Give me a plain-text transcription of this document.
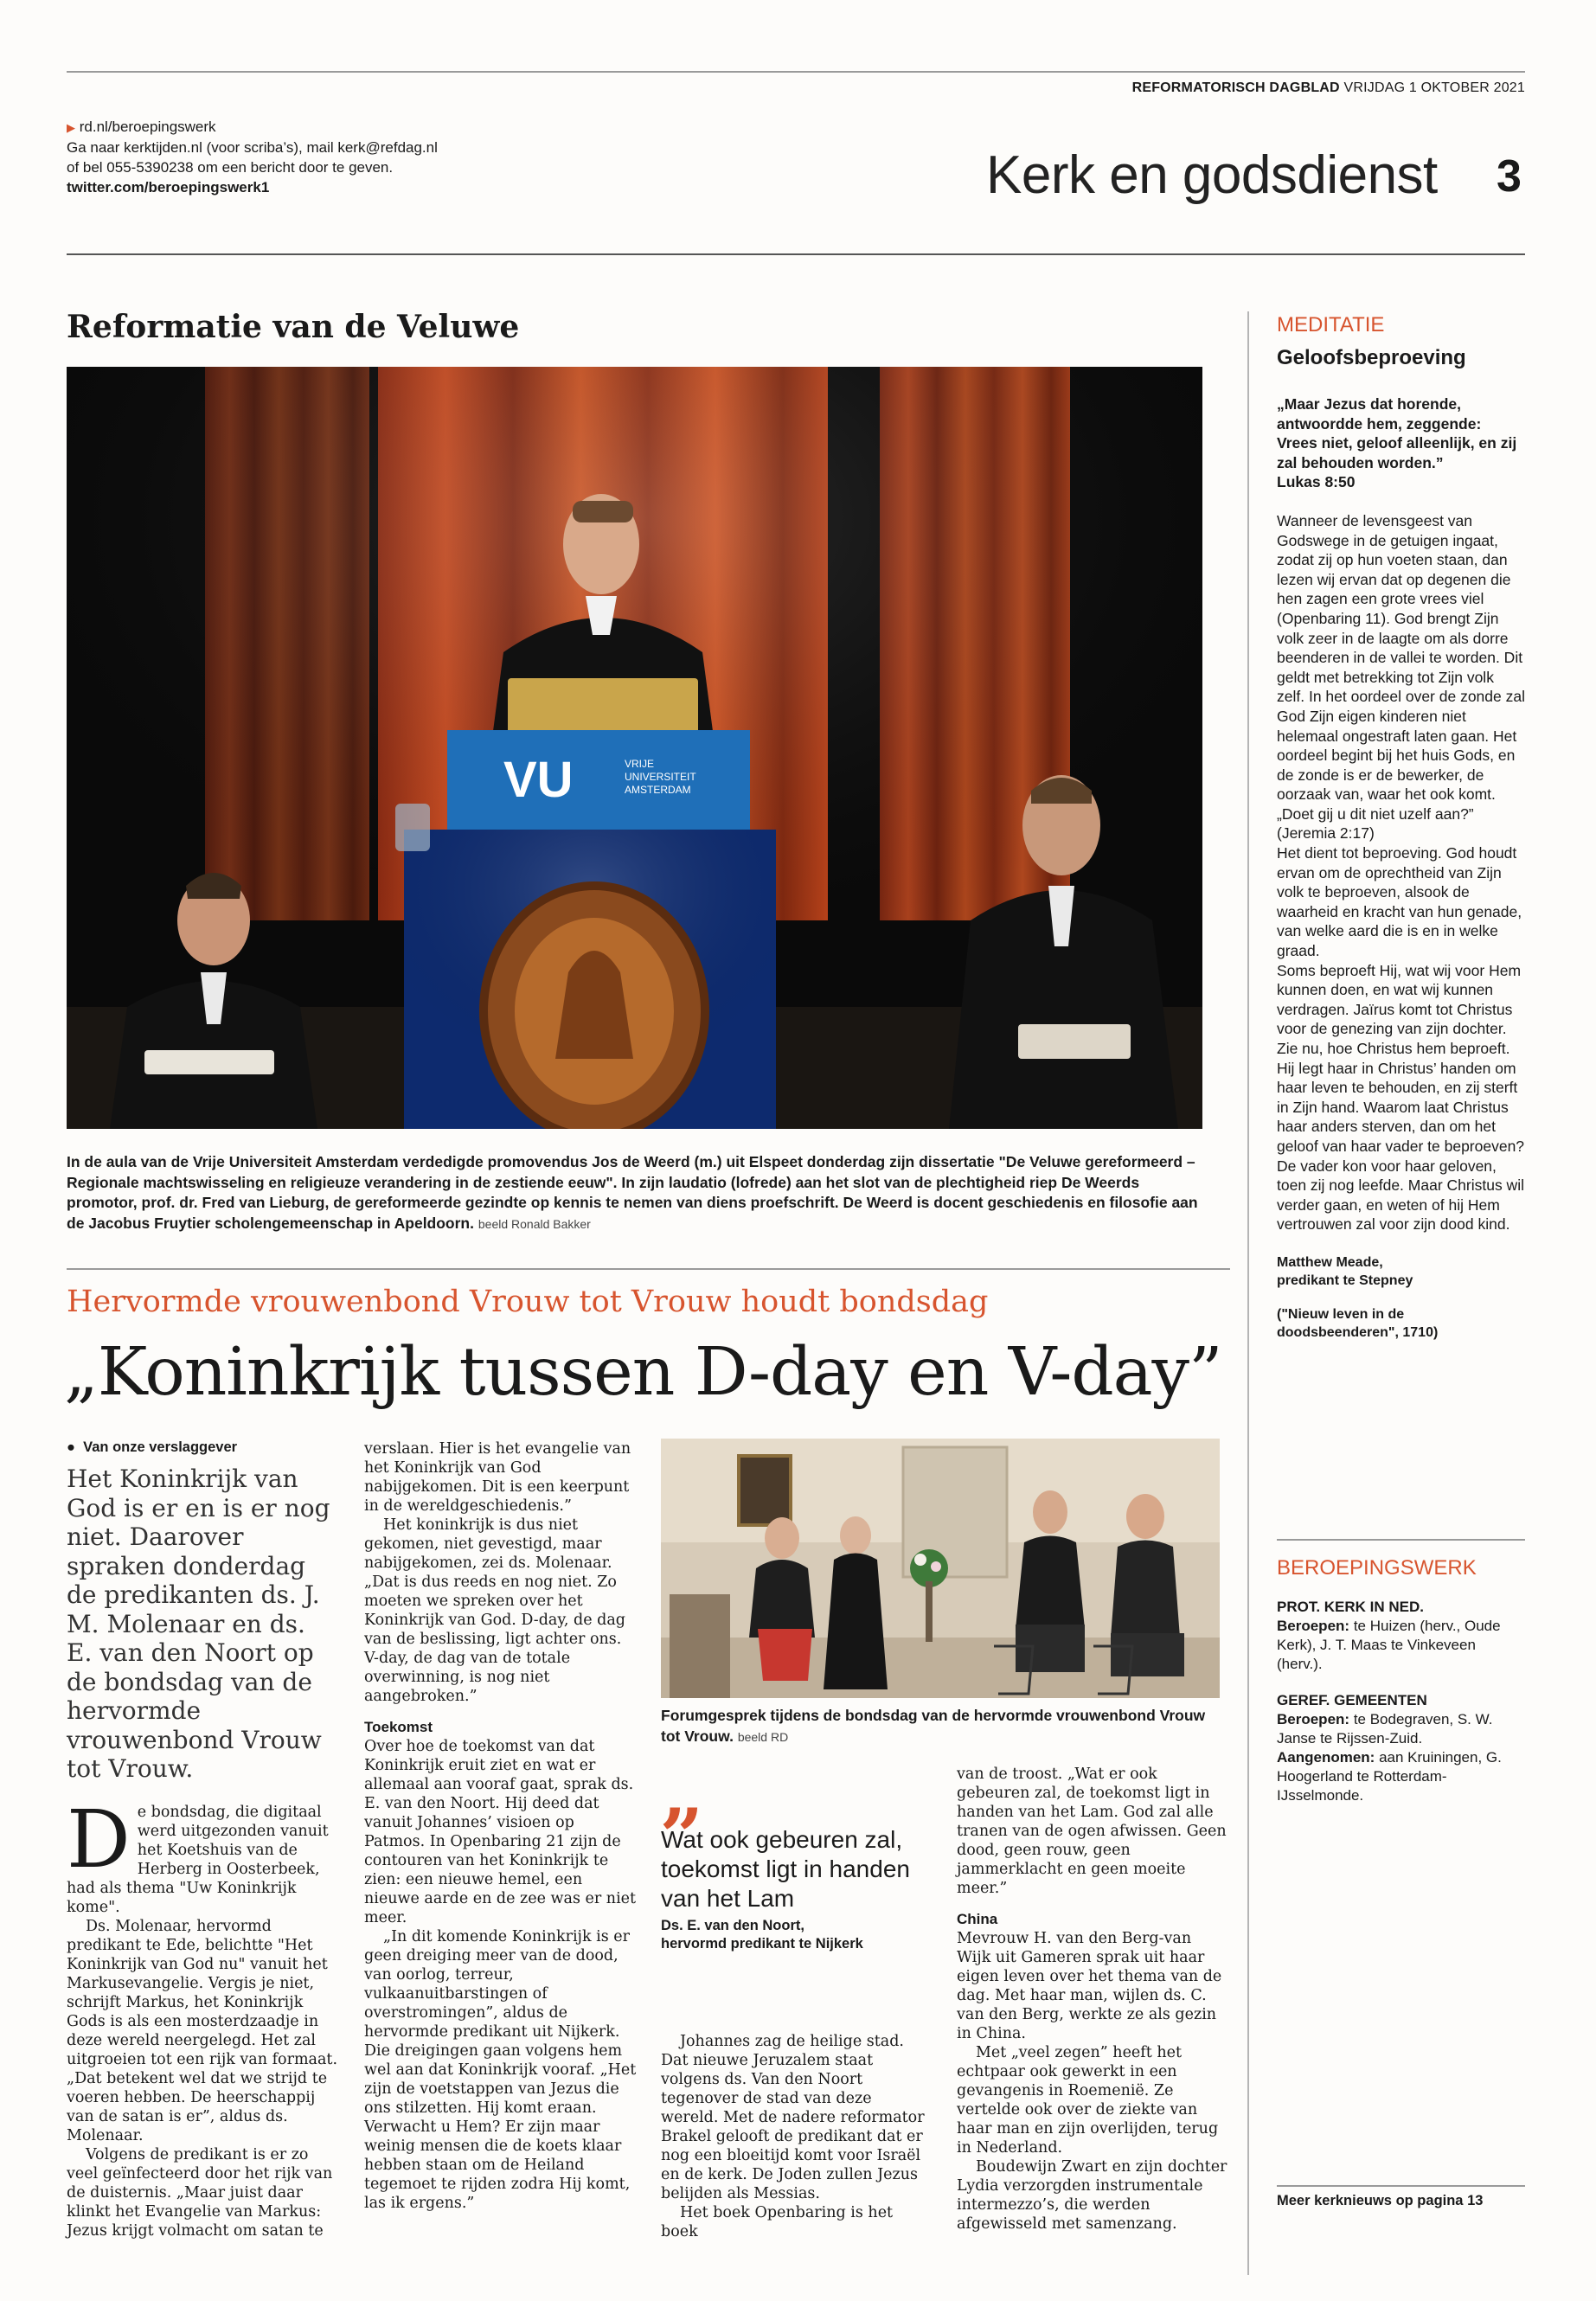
REFORMATORISCH DAGBLAD VRIJDAG 1 OKTOBER 2021
▶ rd.nl/beroepingswerk
Ga naar kerktijden.nl (voor scriba’s), mail kerk@refdag.nl
of bel 055-5390238 om een bericht door te geven.
twitter.com/beroepingswerk1	Kerk en godsdienst 3
Reformatie van de Veluwe
VU	VRIJE
UNIVERSITEIT
AMSTERDAM
In de aula van de Vrije Universiteit Amsterdam verdedigde promovendus Jos de Weerd (m.) uit Elspeet donderdag zijn dissertatie "De Veluwe gereformeerd – Regionale machtswisseling en religieuze verandering in de zestiende eeuw". In zijn laudatio (lofrede) aan het slot van de plechtigheid riep De Weerds promotor, prof. dr. Fred van Lieburg, de gereformeerde gezindte op kennis te nemen van diens proefschrift. De Weerd is docent geschiedenis en filosofie aan de Jacobus Fruytier scholengemeenschap in Apeldoorn. beeld Ronald Bakker
Hervormde vrouwenbond Vrouw tot Vrouw houdt bondsdag
„Koninkrijk tussen D-day en V-day”
● Van onze verslaggever
Het Koninkrijk van God is er en is er nog niet. Daarover spraken donderdag de predikanten ds. J. M. Molenaar en ds. E. van den Noort op de bondsdag van de hervormde vrouwenbond Vrouw tot Vrouw.
D e bondsdag, die digitaal werd uitgezonden vanuit het Koetshuis van de Herberg in Oosterbeek, had als thema "Uw Koninkrijk kome".

Ds. Molenaar, hervormd predikant te Ede, belichtte "Het Koninkrijk van God nu" vanuit het Markusevangelie. Vergis je niet, schrijft Markus, het Koninkrijk Gods is als een mosterdzaadje in deze wereld neergelegd. Het zal uitgroeien tot een rijk van formaat. „Dat betekent wel dat we strijd te voeren hebben. De heerschappij van de satan is er”, aldus ds. Molenaar.

Volgens de predikant is er zo veel geïnfecteerd door het rijk van de duisternis. „Maar juist daar klinkt het Evangelie van Markus: Jezus krijgt volmacht om satan te

verslaan. Hier is het evangelie van het Koninkrijk van God nabijgekomen. Dit is een keerpunt in de wereldgeschiedenis.”

Het koninkrijk is dus niet gekomen, niet gevestigd, maar nabijgekomen, zei ds. Molenaar. „Dat is dus reeds en nog niet. Zo moeten we spreken over het Koninkrijk van God. D-day, de dag van de beslissing, ligt achter ons. V-day, de dag van de totale overwinning, is nog niet aangebroken.”

Toekomst

Over hoe de toekomst van dat Koninkrijk eruit ziet en wat er allemaal aan vooraf gaat, sprak ds. E. van den Noort. Hij deed dat vanuit Johannes’ visioen op Patmos. In Openbaring 21 zijn de contouren van het Koninkrijk te zien: een nieuwe hemel, een nieuwe aarde en de zee was er niet meer.

„In dit komende Koninkrijk is er geen dreiging meer van de dood, van oorlog, terreur, vulkaanuitbarstingen of overstromingen”, aldus de hervormde predikant uit Nijkerk. Die dreigingen gaan volgens hem wel aan dat Koninkrijk vooraf. „Het zijn de voetstappen van Jezus die ons stilzetten. Hij komt eraan. Verwacht u Hem? Er zijn maar weinig mensen die de koets klaar hebben staan om de Heiland tegemoet te rijden zodra Hij komt, las ik ergens.”

Forumgesprek tijdens de bondsdag van de hervormde vrouwenbond Vrouw tot Vrouw. beeld RD
„
Wat ook gebeuren zal, toekomst ligt in handen van het Lam
Ds. E. van den Noort,
hervormd predikant te Nijkerk

Johannes zag de heilige stad. Dat nieuwe Jeruzalem staat volgens ds. Van den Noort tegenover de stad van deze wereld. Met de nadere reformator Brakel gelooft de predikant dat er nog een bloeitijd komt voor Israël en de kerk. De Joden zullen Jezus belijden als Messias.

Het boek Openbaring is het boek

van de troost. „Wat er ook gebeuren zal, de toekomst ligt in handen van het Lam. God zal alle tranen van de ogen afwissen. Geen dood, geen rouw, geen jammerklacht en geen moeite meer.”

China

Mevrouw H. van den Berg-van Wijk uit Gameren sprak uit haar eigen leven over het thema van de dag. Met haar man, wijlen ds. C. van den Berg, werkte ze als gezin in China.

Met „veel zegen” heeft het echtpaar ook gewerkt in een gevangenis in Roemenië. Ze vertelde ook over de ziekte van haar man en zijn overlijden, terug in Nederland.

Boudewijn Zwart en zijn dochter Lydia verzorgden instrumentale intermezzo’s, die werden afgewisseld met samenzang.

MEDITATIE
Geloofsbeproeving

„Maar Jezus dat horende, antwoordde hem, zeggende: Vrees niet, geloof alleenlijk, en zij zal behouden worden.”

Lukas 8:50

Wanneer de levensgeest van Godswege in de getuigen ingaat, zodat zij op hun voeten staan, dan lezen wij ervan dat op degenen die hen zagen een grote vrees viel (Openbaring 11). God brengt Zijn volk zeer in de laagte om als dorre beenderen in de vallei te worden. Dit geldt met betrekking tot Zijn volk zelf. In het oordeel over de zonde zal God Zijn eigen kinderen niet helemaal ongestraft laten gaan. Het oordeel begint bij het huis Gods, en de zonde is er de bewerker, de oorzaak van, waar het ook komt. „Doet gij u dit niet uzelf aan?” (Jeremia 2:17)

Het dient tot beproeving. God houdt ervan om de oprechtheid van Zijn volk te beproeven, alsook de waarheid en kracht van hun genade, van welke aard die is en in welke graad.

Soms beproeft Hij, wat wij voor Hem kunnen doen, en wat wij kunnen verdragen. Jaïrus komt tot Christus voor de genezing van zijn dochter. Zie nu, hoe Christus hem beproeft. Hij legt haar in Christus’ handen om haar leven te behouden, en zij sterft in Zijn hand. Waarom laat Christus haar anders sterven, dan om het geloof van haar vader te beproeven? De vader kon voor haar geloven, toen zij nog leefde. Maar Christus wil verder gaan, en weten of hij Hem vertrouwen zal voor zijn dood kind.

Matthew Meade,
predikant te Stepney
("Nieuw leven in de doodsbeenderen", 1710)
BEROEPINGSWERK
PROT. KERK IN NED.
Beroepen: te Huizen (herv., Oude Kerk), J. T. Maas te Vinkeveen (herv.).
GEREF. GEMEENTEN
Beroepen: te Bodegraven, S. W. Janse te Rijssen-Zuid.
Aangenomen: aan Kruiningen, G. Hoogerland te Rotterdam-IJsselmonde.
Meer kerknieuws op pagina 13
